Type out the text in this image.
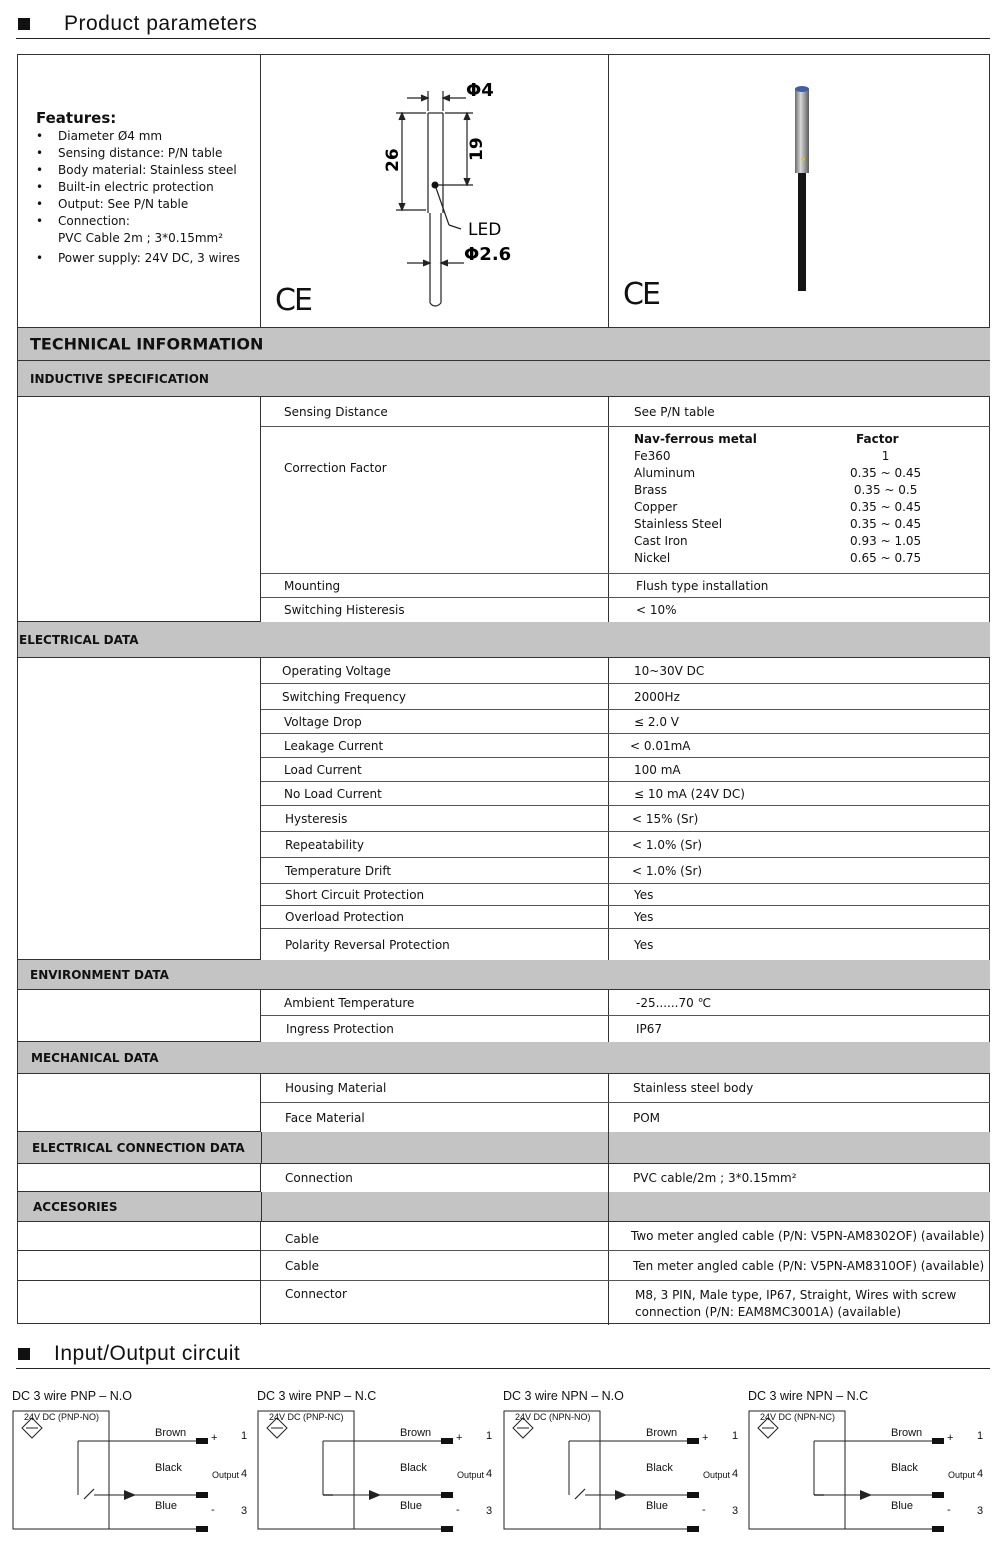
Product parameters
Features:
• Diameter Ø4 mm
• Sensing distance: P/N table
• Body material: Stainless steel
• Built-in electric protection
• Output: See P/N table
• Connection:
PVC Cable 2m ; 3*0.15mm²
• Power supply: 24V DC, 3 wires
Φ4
26	19
LED
Φ2.6
CE	CE
TECHNICAL INFORMATION
INDUCTIVE SPECIFICATION
Sensing Distance	See P/N table
Correction Factor
Nav-ferrous metal	Factor
Fe360	1
Aluminum	0.35 ~ 0.45
Brass	0.35 ~ 0.5
Copper	0.35 ~ 0.45
Stainless Steel	0.35 ~ 0.45
Cast Iron	0.93 ~ 1.05
Nickel	0.65 ~ 0.75
Mounting	Flush type installation
Switching Histeresis	< 10%
ELECTRICAL DATA
Operating Voltage	10~30V DC
Switching Frequency	2000Hz
Voltage Drop	≤ 2.0 V
Leakage Current	< 0.01mA
Load Current	100 mA
No Load Current	≤ 10 mA (24V DC)
Hysteresis	< 15% (Sr)
Repeatability	< 1.0% (Sr)
Temperature Drift	< 1.0% (Sr)
Short Circuit Protection	Yes
Overload Protection	Yes
Polarity Reversal Protection	Yes
ENVIRONMENT DATA
Ambient Temperature	-25......70 ℃
Ingress Protection	IP67
MECHANICAL DATA
Housing Material	Stainless steel body
Face Material	POM
ELECTRICAL CONNECTION DATA
Connection	PVC cable/2m ; 3*0.15mm²
ACCESORIES
Cable	Two meter angled cable (P/N: V5PN-AM8302OF) (available)
Cable	Ten meter angled cable (P/N: V5PN-AM8310OF) (available)
Connector	M8, 3 PIN, Male type, IP67, Straight, Wires with screw
connection (P/N: EAM8MC3001A) (available)
Input/Output circuit
DC 3 wire PNP – N.O
24V DC (PNP-NO)
Brown
Black
Blue
+
Output
-
1
4
3
DC 3 wire PNP – N.C
24V DC (PNP-NC)
Brown
Black
Blue
+
Output
-
1
4
3
DC 3 wire NPN – N.O
24V DC (NPN-NO)
Brown
Black
Blue
+
Output
-
1
4
3
DC 3 wire NPN – N.C
24V DC (NPN-NC)
Brown
Black
Blue
+
Output
-
1
4
3
